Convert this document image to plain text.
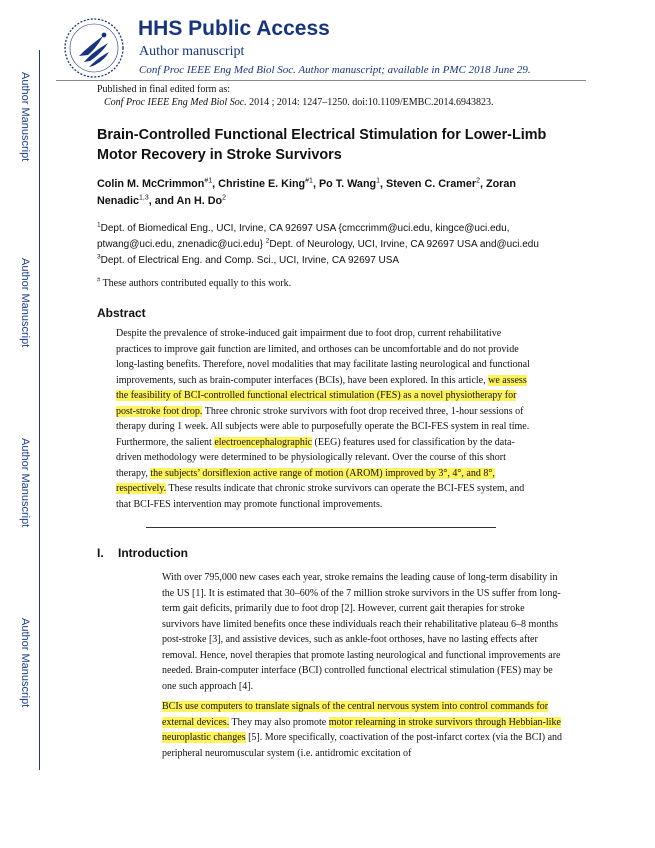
Author Manuscript
Author Manuscript
Author Manuscript
Author Manuscript
HHS Public Access
Author manuscript
Conf Proc IEEE Eng Med Biol Soc. Author manuscript; available in PMC 2018 June 29.
Published in final edited form as:
Conf Proc IEEE Eng Med Biol Soc. 2014 ; 2014: 1247–1250. doi:10.1109/EMBC.2014.6943823.
Brain-Controlled Functional Electrical Stimulation for Lower-Limb Motor Recovery in Stroke Survivors
Colin M. McCrimmon$^{\#1}$, Christine E. King$^{\#1}$, Po T. Wang$^1$, Steven C. Cramer$^2$, Zoran Nenadic$^{1,3}$, and An H. Do$^2$
$^1$Dept. of Biomedical Eng., UCI, Irvine, CA 92697 USA {cmccrimm@uci.edu, kingce@uci.edu, ptwang@uci.edu, znenadic@uci.edu} $^2$Dept. of Neurology, UCI, Irvine, CA 92697 USA and@uci.edu $^3$Dept. of Electrical Eng. and Comp. Sci., UCI, Irvine, CA 92697 USA
# These authors contributed equally to this work.
Abstract
Despite the prevalence of stroke-induced gait impairment due to foot drop, current rehabilitative practices to improve gait function are limited, and orthoses can be uncomfortable and do not provide long-lasting benefits. Therefore, novel modalities that may facilitate lasting neurological and functional improvements, such as brain-computer interfaces (BCIs), have been explored. In this article, we assess the feasibility of BCI-controlled functional electrical stimulation (FES) as a novel physiotherapy for post-stroke foot drop. Three chronic stroke survivors with foot drop received three, 1-hour sessions of therapy during 1 week. All subjects were able to purposefully operate the BCI-FES system in real time. Furthermore, the salient electroencephalographic (EEG) features used for classification by the data-driven methodology were determined to be physiologically relevant. Over the course of this short therapy, the subjects’ dorsiflexion active range of motion (AROM) improved by 3°, 4°, and 8°, respectively. These results indicate that chronic stroke survivors can operate the BCI-FES system, and that BCI-FES intervention may promote functional improvements.
I. Introduction
With over 795,000 new cases each year, stroke remains the leading cause of long-term disability in the US [1]. It is estimated that 30–60% of the 7 million stroke survivors in the US suffer from long-term gait deficits, primarily due to foot drop [2]. However, current gait therapies for stroke survivors have limited benefits once these individuals reach their rehabilitative plateau 6–8 months post-stroke [3], and assistive devices, such as ankle-foot orthoses, have no lasting effects after removal. Hence, novel therapies that promote lasting neurological and functional improvements are needed. Brain-computer interface (BCI) controlled functional electrical stimulation (FES) may be one such approach [4].
BCIs use computers to translate signals of the central nervous system into control commands for external devices. They may also promote motor relearning in stroke survivors through Hebbian-like neuroplastic changes [5]. More specifically, coactivation of the post-infarct cortex (via the BCI) and peripheral neuromuscular system (i.e. antidromic excitation of
